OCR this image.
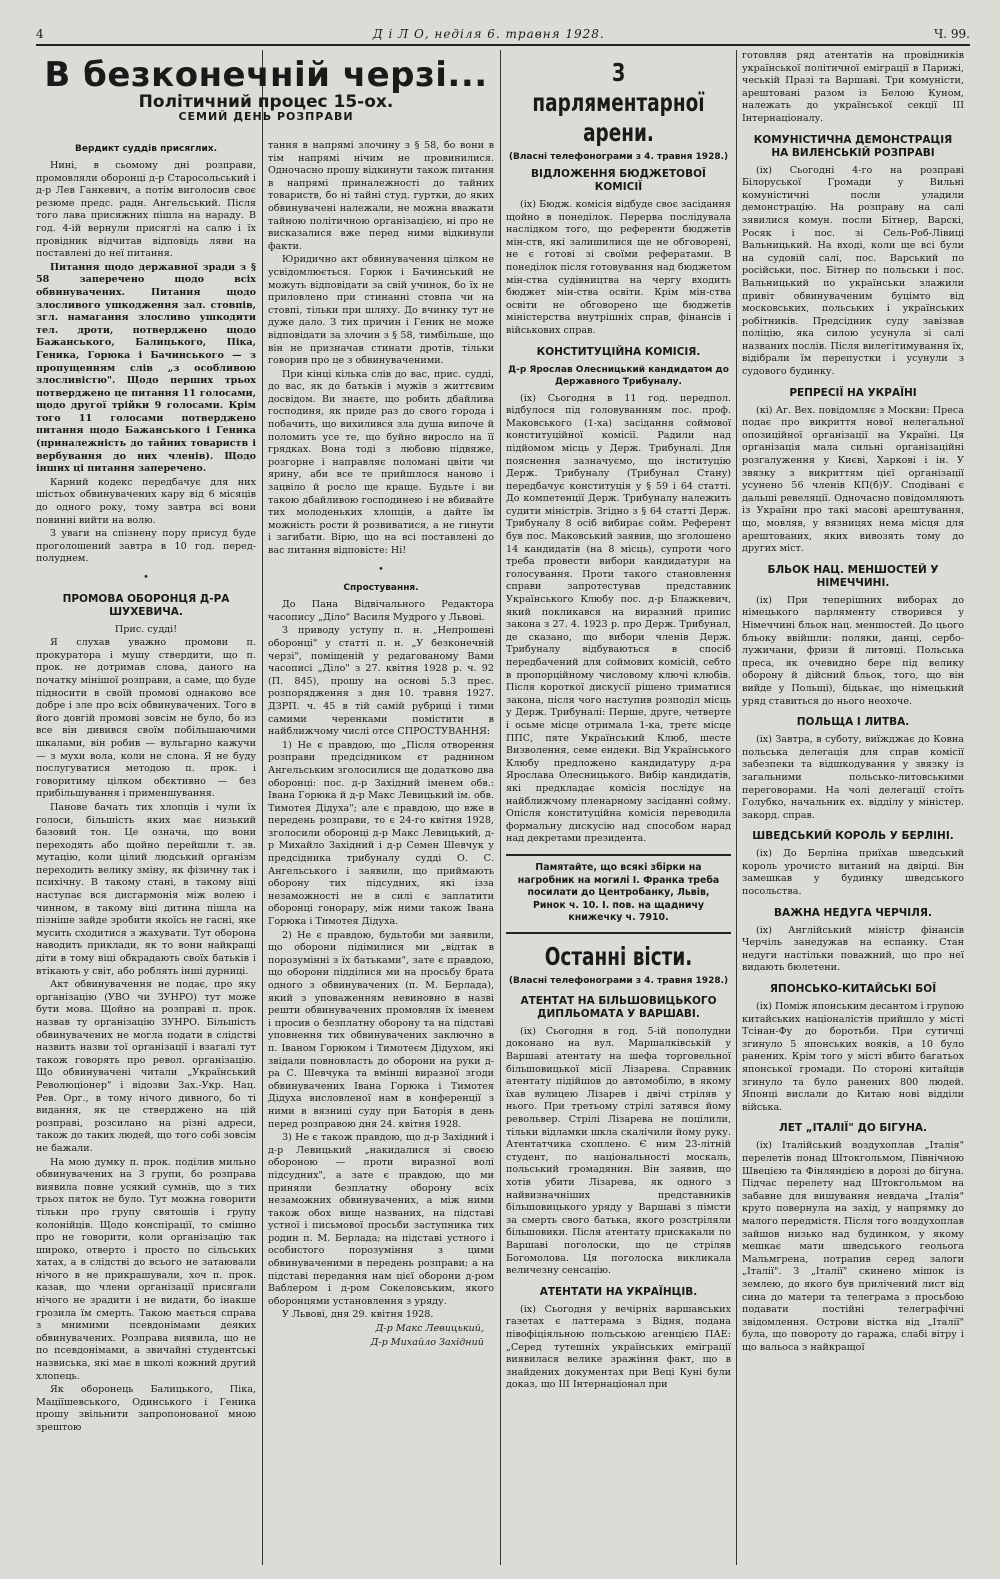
4	Д і Л О, неділя 6. травня 1928.	Ч. 99.
В безконечній черзі...
Політичний процес 15-ох.
СЕМИЙ ДЕНЬ РОЗПРАВИ
Вердикт суддів присяглих.

Нині, в сьомому дні розправи, промовляли оборонці д-р Старосольський і д-р Лев Ганкевич, а потім виголосив своє резюме предс. радн. Ангельський. Після того лава присяжних пішла на нараду. В год. 4-ій вернули присяглі на салю і їх провідник відчитав відповідь ляви на поставлені до неї питання.

Питання щодо державної зради з § 58 заперечено щодо всіх обвинувачених. Питання щодо злосливого ушкодження зал. стовпів, згл. намагання злосливо ушкодити тел. дроти, потверджено щодо Бажанського, Балицького, Піка, Геника, Горюка і Бачинського — з пропущенням слів „з особливою злосливістю". Щодо перших трьох потверджено це питання 11 голосами, щодо другої трійки 9 голосами. Крім того 11 голосами потверджено питання щодо Бажанського і Геника (приналежність до тайних товариств і вербування до них членів). Щодо інших ці питання заперечено.

Карний кодекс передбачує для них шістьох обвинувачених кару від 6 місяців до одного року, тому завтра всі вони повинні вийти на волю.

З уваги на спізнену пору присуд буде проголошений завтра в 10 год. передполуднем.

•
ПРОМОВА ОБОРОНЦЯ Д-РА ШУХЕВИЧА.

Прис. судді!

Я слухав уважно промови п. прокуратора і мушу ствердити, що п. прок. не дотримав слова, даного на початку мінішої розправи, а саме, що буде підносити в своїй промові однаково все добре і зле про всіх обвинувачених. Того в його довгій промові зовсім не було, бо из все він дивився своїм побільшаючими шкалами, він робив — вульгарно кажучи — з мухи вола, коли не слона. Я не буду послугуватися методою п. прок. і говоритиму цілком обєктивно — без прибільшування і применшування.

Панове бачать тих хлопців і чули їх голоси, більшість яких має низький базовий тон. Це означа, що вони переходять або щойно перейшли т. зв. мутацію, коли цілий людський організм переходить велику зміну, як фізичну так і психічну. В такому стані, в такому віці наступає вся дисгармонія між волею і чинном, в такому віці дитина пішла на пізніше зайде зробити якоїсь не гасні, яке мусить сходитися з жахувати. Тут оборона наводить приклади, як то вони найкращі діти в тому віці обкрадають своїх батьків і втікають у світ, або роблять інші дурниці.

Акт обвинувачення не подає, про яку організацію (УВО чи ЗУНРО) тут може бути мова. Щойно на розправі п. прок. назвав ту організацію ЗУНРО. Більшість обвинувачених не могла подати в слідстві назвить назви тої організації і взагалі тут також говорять про револ. організацію. Що обвинувачені читали „Український Революціонер" і відозви Зах.-Укр. Нац. Рев. Орг., в тому нічого дивного, бо ті видання, як це стверджено на цій розправі, розсилано на різні адреси, також до таких людей, що того собі зовсім не бажали.

На мою думку п. прок. поділив мильно обвинувачених на 3 групи, бо розправа виявила повне усякий сумнів, що з тих трьох пяток не було. Тут можна говорити тільки про групу святошів і групу колонійців. Щодо конспірації, то смішно про не говорити, коли організацію так широко, отверто і просто по сільських хатах, а в слідстві до всього не затаювали нічого в не прикрашували, хоч п. прок. казав, що члени організації присягали нічого не зрадити і не видати, бо інакше грозила їм смерть. Такою мається справа з мнимими псевдонімами деяких обвинувачених. Розправа виявила, що не по псевдонімами, а звичайні студентські назвиська, які має в школі кожний другий хлопець.

Як оборонець Балицького, Піка, Маціїшевського, Одинського і Геника прошу звільнити запропонованої мною зрештою

тання в напрямі злочину з § 58, бо вони в тім напрямі нічим не провинилися. Одночасно прошу відкинути також питання в напрямі приналежності до тайних товариств, бо ні тайні студ. гуртки, до яких обвинувачені належали, не можна вважати тайною політичною організацією, ні про не висказалися вже перед ними відкинули факти.

Юридично акт обвинувачення цілком не усвідомлюється. Горюк і Бачинський не можуть відповідати за свій учинок, бо їх не приловлено при стинанні стовпа чи на стовпі, тільки при шляху. До вчинку тут не дуже дало. З тих причин і Геник не може відповідати за злочин з § 58, тимбільше, що він не призначав стинати дротів, тільки говорив про це з обвинуваченими.

При кінці кілька слів до вас, прис. судді, до вас, як до батьків і мужів з життєвим досвідом. Ви знаєте, що робить дбайлива господиня, як приде раз до свого города і побачить, що вихилився зла душа випоче й поломить усе те, що буйно виросло на її грядках. Вона тоді з любовю підвяже, розгорне і направляє поломані цвіти чи ярину, аби все те прийшлося наново і зацвіло й росло ще краще. Будьте і ви такою дбайливою господинею і не вбивайте тих молоденьких хлопців, а дайте їм можність рости й розвиватися, а не гинути і загибати. Вірю, що на всі поставлені до вас питання відповісте: Ні!

•
Спростування.

До Пана Відвічального Редактора часопису „Діло" Василя Мудрого у Львові.

З приводу уступу п. н. „Непрошені оборонці" у статті п. н. „У безконечній черзі", поміщеній у редагованому Вами часописі „Діло" з 27. квітня 1928 р. ч. 92 (П. 845), прошу на основі 5.3 прес. розпорядження з дня 10. травня 1927. ДЗРП. ч. 45 в тій самій рубриці і тими самими черенками помістити в найближчому числі отсе СПРОСТУВАННЯ:

1) Не є правдою, що „Після отворення розправи предсідником єт раднином Ангельським зголосилися ще додатково два оборонці: пос. д-р Західний іменем обв.: Івана Горюка й д-р Макс Левицький ім. обв. Тимотея Дідуха"; але є правдою, що вже в передень розправи, то є 24-го квітня 1928, зголосили оборонці д-р Макс Левицький, д-р Михайло Західний і д-р Семен Шевчук у предсідника трибуналу судді О. С. Ангельського і заявили, що приймають оборону тих підсудних, які ізза незаможності не в силі є заплатити оборонці гонорару, між ними також Івана Горюка і Тимотея Дідуха.

2) Не є правдою, будьтоби ми заявили, що оборони підімилися ми „відтак в порозумінні з їх батьками", зате є правдою, що оборони підділися ми на просьбу брата одного з обвинувачених (п. М. Берлада), який з уповаженням невиновно в назві решти обвинувачених промовляв їх іменем і просив о безплатну оборону та на підставі уповнення тих обвинувачених заключно в п. Іваном Горюком і Тимотеєм Дідухом, які звідали повновласть до оборони на руки д-ра С. Шевчука та вмінші виразної згоди обвинувачених Івана Горюка і Тимотея Дідуха висловленої нам в конференції з ними в вязниці суду при Баторія в день перед розправою дня 24. квітня 1928.

3) Не є також правдою, що д-р Західний і д-р Левицький „накидалися зі своєю обороною — проти виразної волі підсудних", а зате є правдою, що ми приняли безплатну оборону всіх незаможних обвинувачених, а між ними також обох вище названих, на підставі устної і письмової просьби заступника тих родин п. М. Берлада; на підставі устного і особистого порозуміння з цими обвинуваченими в передень розправи; а на підставі передання нам цієї оборони д-ром Ваблером і д-ром Сокеловським, якого оборонцями установлення з уряду.

У Львові, дня 29. квітня 1928.

Д-р Макс Левицький,

Д-р Михайло Західний

З парляментарної арени.
(Власні телефонограми з 4. травня 1928.)
ВІДЛОЖЕННЯ БЮДЖЕТОВОЇ КОМІСІЇ

(іх) Бюдж. комісія відбуде своє засідання щойно в понеділок. Перерва послідувала наслідком того, що референти бюджетів мін-ств, які залишилися ще не обговорені, не є готові зі своїми рефератами. В понеділок після готовування над бюджетом мін-ства судівництва на чергу входить бюджет мін-ства освіти. Крім мін-ства освіти не обговорено ще бюджетів міністерства внутрішніх справ, фінансів і військових справ.

КОНСТИТУЦІЙНА КОМІСІЯ.
Д-р Ярослав Олесницький кандидатом до Державного Трибуналу.

(іх) Сьогодня в 11 год. передпол. відбулося під головуванням пос. проф. Маковського (1-ха) засідання соймової конституційної комісії. Радили над підйомом місць у Держ. Трибуналі. Для пояснення зазначуємо, що інституцію Держ. Трибуналу (Трибунал Стану) передбачує конституція у § 59 і 64 статті. До компетенції Держ. Трибуналу належить судити міністрів. Згідно з § 64 статті Держ. Трибуналу 8 осіб вибирає сойм. Референт був пос. Маковський заявив, що зголошено 14 кандидатів (на 8 місць), супроти чого треба провести вибори кандидатури на голосування. Проти такого становлення справи запротестував представник Українського Клюбу пос. д-р Блажкевич, який покликався на виразний припис закона з 27. 4. 1923 р. про Держ. Трибунал, де сказано, що вибори членів Держ. Трибуналу відбуваються в спосіб передбачений для соймових комісій, себто в пропорційному числовому ключі клюбів. Після короткої дискусії рішено триматися закона, після чого наступив розподіл місць у Держ. Трибуналі: Перше, друге, четверте і осьме місце отримала 1-ка, третє місце ППС, пяте Український Клюб, шесте Визволення, семе ендеки. Від Українського Клюбу предложено кандидатуру д-ра Ярослава Олесницького. Вибір кандидатів, які предкладає комісія послідує на найближчому пленарному засіданні сойму. Опісля конституційна комісія переводила формальну дискусію над способом нарад над декретами президента.

Памятайте, що всякі збірки на нагробник на могилі І. Франка треба посилати до Центробанку, Львів, Ринок ч. 10. І. пов. на щадничу книжечку ч. 7910.

Останні вісти.
(Власні телефонограми з 4. травня 1928.)
АТЕНТАТ НА БІЛЬШОВИЦЬКОГО ДИПЛЬОМАТА У ВАРШАВІ.

(іх) Сьогодня в год. 5-ій пополудни доконано на вул. Маршалківській у Варшаві атентату на шефа торговельної більшовицької місії Лізарева. Справник атентату підійшов до автомобілю, в якому їхав вулицею Лізарев і двічі стріляв у нього. При третьому стрілі затявся йому револьвер. Стрілі Лізарева не поцілили, тільки відламки шкла скалічили йому руку. Атентатчика схоплено. Є ним 23-літній студент, по національності москаль, польський громадянин. Він заявив, що хотів убити Лізарева, як одного з найвизначніших представників більшовицького уряду у Варшаві з пімсти за смерть свого батька, якого розстріляли більшовики. Після атентату прискакали по Варшаві поголоски, що це стріляв Богомолова. Ця поголоска викликала величезну сенсацію.

АТЕНТАТИ НА УКРАЇНЦІВ.

(іх) Сьогодня у вечірніх варшавських газетах є латтерама з Відня, подана півофіціяльною польською агенцією ПАЕ: „Серед тутешніх українських еміграції виявилася велике зражіння факт, що в знайдених документах при Веці Куні були доказ, що ІІІ Інтернаціонал при

готовляв ряд атентатів на провідників української політичної еміграції в Парижі, чеській Празі та Варшаві. Три комуністи, арештовані разом із Белою Куном, належать до української секції ІІІ Інтернаціоналу.

КОМУНІСТИЧНА ДЕМОНСТРАЦІЯ НА ВИЛЕНСЬКІЙ РОЗПРАВІ

(іх) Сьогодні 4-го на розправі Білоруської Громади у Вильні комуністичні посли уладили демонстрацію. На розправу на салі зявилися комун. посли Бітнер, Варскі, Росяк і пос. зі Сель-Роб-Лівиці Вальницький. На вході, коли ще всі були на судовій салі, пос. Варський по російськи, пос. Бітнер по польськи і пос. Вальницький по українськи злажили привіт обвинуваченим буцімто від московських, польських і українських робітників. Предсідник суду завізвав поліцію, яка силою усунула зі салі названих послів. Після вилегітимування їх, відібрали їм перепустки і усунули з судового будинку.

РЕПРЕСІЇ НА УКРАЇНІ

(кі) Аг. Вех. повідомляє з Москви: Преса подає про викриття нової нелегальної опозиційної організації на Україні. Ця організація мала сильні організаційні розгалуження у Києві, Харкові і ін. У звязку з викриттям цієї організації усунено 56 членів КП(б)У. Сподівані є дальші ревеляції. Одночасно повідомляють із України про такі масові арештування, що, мовляв, у вязницях нема місця для арештованих, яких вивозять тому до других міст.

БЛЬОК НАЦ. МЕНШОСТЕЙ У НІМЕЧЧИНІ.

(іх) При теперішних виборах до німецького парляменту створився у Німеччині бльок нац. меншостей. До цього бльоку ввійшли: поляки, данці, сербо-лужичани, фризи й литовці. Польська преса, як очевидно бере під велику оборону й дійсний бльок, того, що він вийде у Польщі), бідькає, що німецький уряд ставиться до нього неохоче.

ПОЛЬЩА І ЛИТВА.

(іх) Завтра, в суботу, виїжджає до Ковна польська делегація для справ комісії забезпеки та відшкодування у звязку із загальними польсько-литовськими переговорами. На чолі делегації стоїть Голубко, начальник ех. відділу у міністер. закорд. справ.

ШВЕДСЬКИЙ КОРОЛЬ У БЕРЛІНІ.

(іх) До Берліна приїхав шведський король урочисто витаний на двірці. Він замешкав у будинку шведського посольства.

ВАЖНА НЕДУГА ЧЕРЧІЛЯ.

(іх) Англійський міністр фінансів Черчіль занедужав на еспанку. Стан недуги настільки поважний, що про неї видають бюлетени.

ЯПОНСЬКО-КИТАЙСЬКІ БОЇ

(іх) Поміж японським десантом і групою китайських націоналістів прийшло у місті Тсінан-Фу до боротьби. При сутичці згинуло 5 японських вояків, а 10 було ранених. Крім того у місті вбито багатьох японської громади. По стороні китайців згинуло та було ранених 800 людей. Японці вислали до Китаю нові відділи війська.

ЛЕТ „ІТАЛІЇ" ДО БІГУНА.

(іх) Італійський воздухоплав „Італія" перелетів понад Штокгольмом, Північною Швецією та Фінляндією в дорозі до бігуна. Підчас перелету над Штокгольмом на забавне для вишування невдача „Італія" круто повернула на захід, у напрямку до малого передмістя. Після того воздухоплав зайшов низько над будинком, у якому мешкає мати шведського геольога Мальмгрена, потрапив серед залоги „Італії". З „Італії" скинено мішок із землею, до якого був прилічений лист від сина до матери та телеграма з просьбою подавати постійні телеграфічні звідомлення. Острови вістка від „Італії" була, що повороту до гаража, слабі вітру і що вальоса з найкращої
